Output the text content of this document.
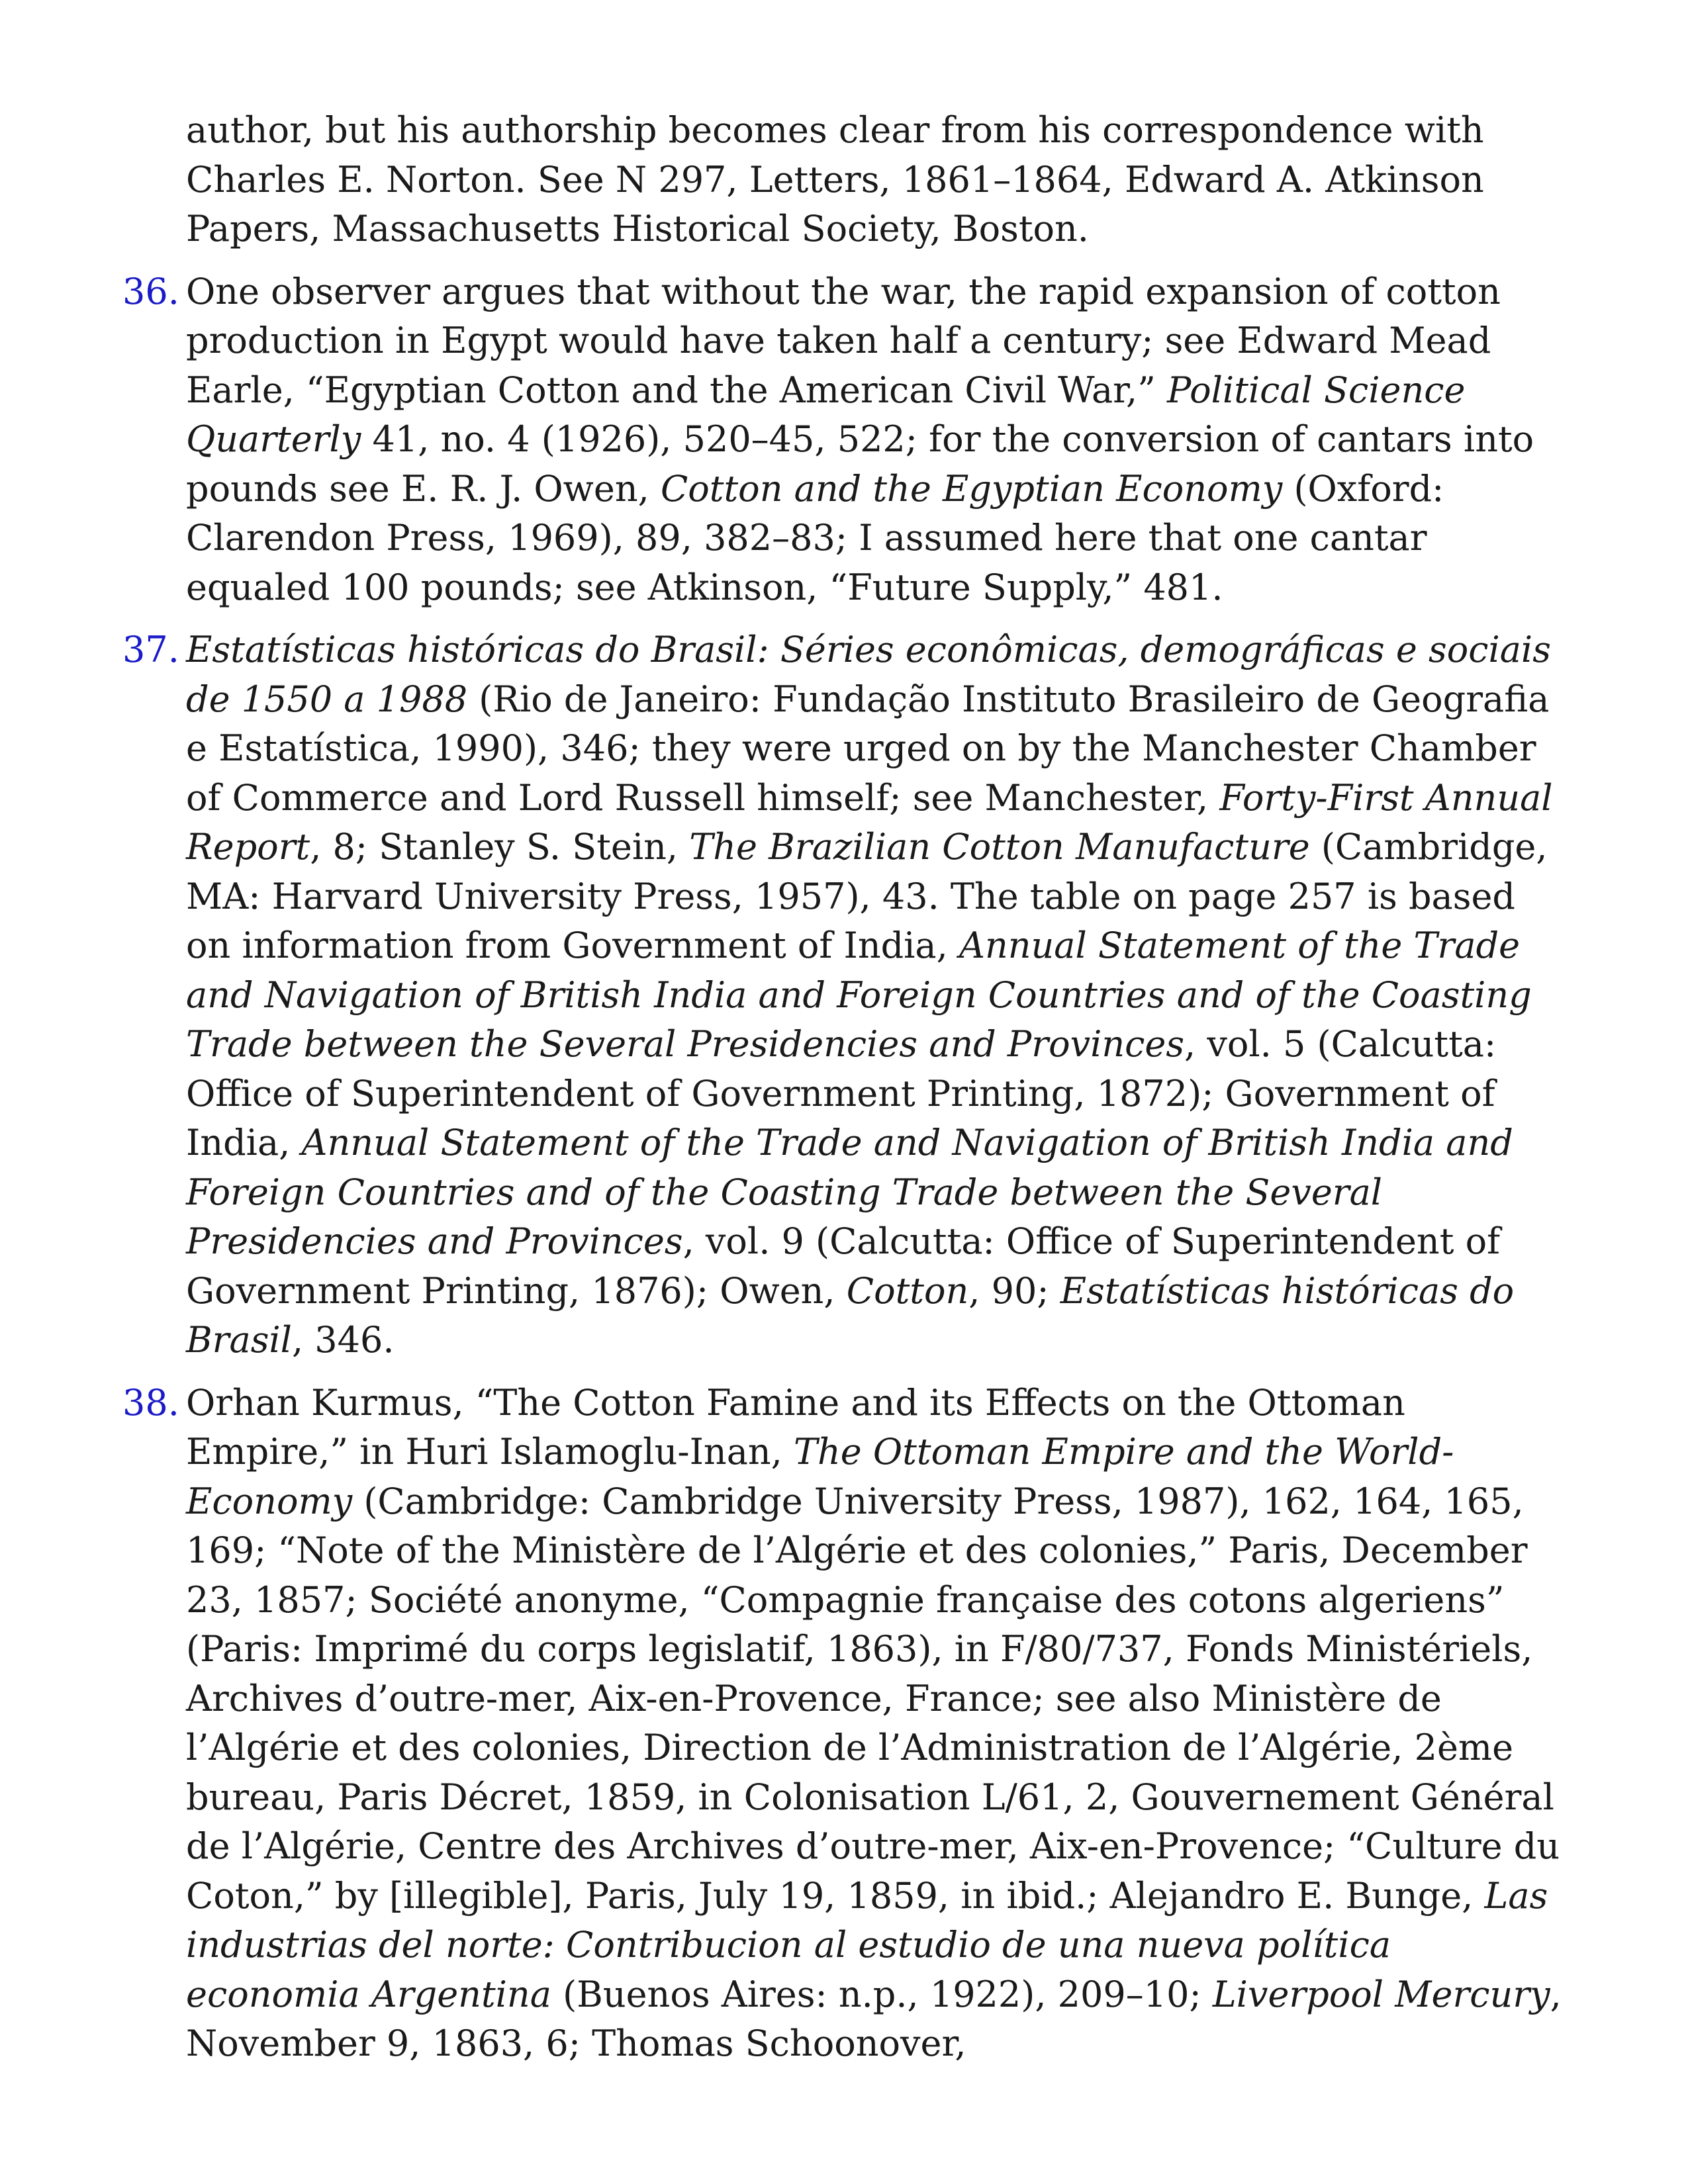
author, but his authorship becomes clear from his correspondence with Charles E. Norton. See N 297, Letters, 1861–1864, Edward A. Atkinson Papers, Massachusetts Historical Society, Boston.
36. One observer argues that without the war, the rapid expansion of cotton production in Egypt would have taken half a century; see Edward Mead Earle, “Egyptian Cotton and the American Civil War,” Political Science Quarterly 41, no. 4 (1926), 520–45, 522; for the conversion of cantars into pounds see E. R. J. Owen, Cotton and the Egyptian Economy (Oxford: Clarendon Press, 1969), 89, 382–83; I assumed here that one cantar equaled 100 pounds; see Atkinson, “Future Supply,” 481.
37. Estatísticas históricas do Brasil: Séries econômicas, demográficas e sociais de 1550 a 1988 (Rio de Janeiro: Fundação Instituto Brasileiro de Geografia e Estatística, 1990), 346; they were urged on by the Manchester Chamber of Commerce and Lord Russell himself; see Manchester, Forty-First Annual Report, 8; Stanley S. Stein, The Brazilian Cotton Manufacture (Cambridge, MA: Harvard University Press, 1957), 43. The table on page 257 is based on information from Government of India, Annual Statement of the Trade and Navigation of British India and Foreign Countries and of the Coasting Trade between the Several Presidencies and Provinces, vol. 5 (Calcutta: Office of Superintendent of Government Printing, 1872); Government of India, Annual Statement of the Trade and Navigation of British India and Foreign Countries and of the Coasting Trade between the Several Presidencies and Provinces, vol. 9 (Calcutta: Office of Superintendent of Government Printing, 1876); Owen, Cotton, 90; Estatísticas históricas do Brasil, 346.
38. Orhan Kurmus, “The Cotton Famine and its Effects on the Ottoman Empire,” in Huri Islamoglu-Inan, The Ottoman Empire and the World-Economy (Cambridge: Cambridge University Press, 1987), 162, 164, 165, 169; “Note of the Ministère de l’Algérie et des colonies,” Paris, December 23, 1857; Société anonyme, “Compagnie française des cotons algeriens” (Paris: Imprimé du corps legislatif, 1863), in F/80/737, Fonds Ministériels, Archives d’outre-mer, Aix-en-Provence, France; see also Ministère de l’Algérie et des colonies, Direction de l’Administration de l’Algérie, 2ème bureau, Paris Décret, 1859, in Colonisation L/61, 2, Gouvernement Général de l’Algérie, Centre des Archives d’outre-mer, Aix-en-Provence; “Culture du Coton,” by [illegible], Paris, July 19, 1859, in ibid.; Alejandro E. Bunge, Las industrias del norte: Contribucion al estudio de una nueva política economia Argentina (Buenos Aires: n.p., 1922), 209–10; Liverpool Mercury, November 9, 1863, 6; Thomas Schoonover,
